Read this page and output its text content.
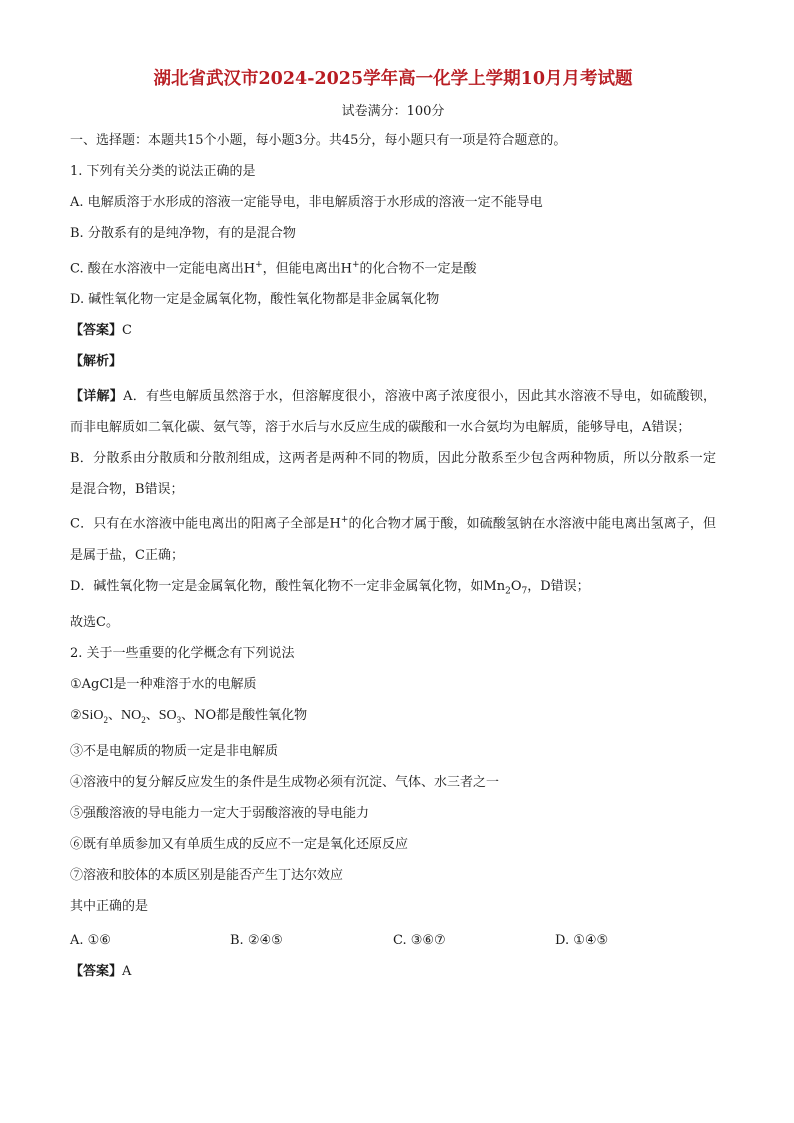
湖北省武汉市2024-2025学年高一化学上学期10月月考试题
试卷满分：100分

一、选择题：本题共15个小题，每小题3分。共45分，每小题只有一项是符合题意的。

1. 下列有关分类的说法正确的是

A. 电解质溶于水形成的溶液一定能导电，非电解质溶于水形成的溶液一定不能导电

B. 分散系有的是纯净物，有的是混合物

C. 酸在水溶液中一定能电离出H+，但能电离出H+的化合物不一定是酸

D. 碱性氧化物一定是金属氧化物，酸性氧化物都是非金属氧化物

【答案】C

【解析】

【详解】A．有些电解质虽然溶于水，但溶解度很小，溶液中离子浓度很小，因此其水溶液不导电，如硫酸钡，而非电解质如二氧化碳、氨气等，溶于水后与水反应生成的碳酸和一水合氨均为电解质，能够导电，A错误；

B．分散系由分散质和分散剂组成，这两者是两种不同的物质，因此分散系至少包含两种物质，所以分散系一定是混合物，B错误；

C．只有在水溶液中能电离出的阳离子全部是H+的化合物才属于酸，如硫酸氢钠在水溶液中能电离出氢离子，但是属于盐，C正确；

D．碱性氧化物一定是金属氧化物，酸性氧化物不一定非金属氧化物，如$Mn_2O_7$，D错误；

故选C。

2. 关于一些重要的化学概念有下列说法

①AgCl是一种难溶于水的电解质

②SiO$_2$、$NO_2$、$SO_3$、NO都是酸性氧化物

③不是电解质的物质一定是非电解质

④溶液中的复分解反应发生的条件是生成物必须有沉淀、气体、水三者之一

⑤强酸溶液的导电能力一定大于弱酸溶液的导电能力

⑥既有单质参加又有单质生成的反应不一定是氧化还原反应

⑦溶液和胶体的本质区别是能否产生丁达尔效应

其中正确的是

A. ①⑥	B. ②④⑤	C. ③⑥⑦	D. ①④⑤

【答案】A
